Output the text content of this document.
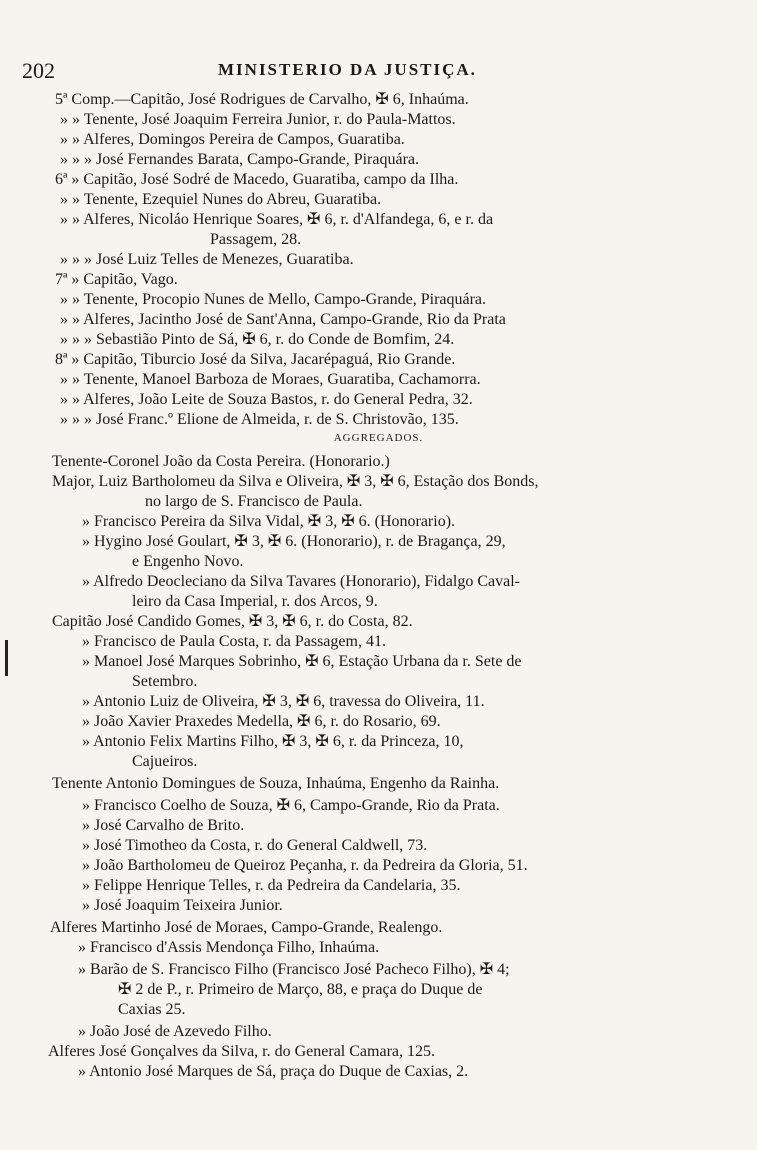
202	MINISTERIO DA JUSTIÇA.
AGGREGADOS.
5ª Comp.—Capitão, José Rodrigues de Carvalho, ✠ 6, Inhaúma.
» » Tenente, José Joaquim Ferreira Junior, r. do Paula-Mattos.
» » Alferes, Domingos Pereira de Campos, Guaratiba.
» » » José Fernandes Barata, Campo-Grande, Piraquára.
6ª » Capitão, José Sodré de Macedo, Guaratiba, campo da Ilha.
» » Tenente, Ezequiel Nunes do Abreu, Guaratiba.
» » Alferes, Nicoláo Henrique Soares, ✠ 6, r. d'Alfandega, 6, e r. da
Passagem, 28.
» » » José Luiz Telles de Menezes, Guaratiba.
7ª » Capitão, Vago.
» » Tenente, Procopio Nunes de Mello, Campo-Grande, Piraquára.
» » Alferes, Jacintho José de Sant'Anna, Campo-Grande, Rio da Prata
» » » Sebastião Pinto de Sá, ✠ 6, r. do Conde de Bomfim, 24.
8ª » Capitão, Tiburcio José da Silva, Jacarépaguá, Rio Grande.
» » Tenente, Manoel Barboza de Moraes, Guaratiba, Cachamorra.
» » Alferes, João Leite de Souza Bastos, r. do General Pedra, 32.
» » » José Franc.º Elione de Almeida, r. de S. Christovão, 135.
Tenente-Coronel João da Costa Pereira. (Honorario.)
Major, Luiz Bartholomeu da Silva e Oliveira, ✠ 3, ✠ 6, Estação dos Bonds,
no largo de S. Francisco de Paula.
» Francisco Pereira da Silva Vidal, ✠ 3, ✠ 6. (Honorario).
» Hygino José Goulart, ✠ 3, ✠ 6. (Honorario), r. de Bragança, 29,
e Engenho Novo.
» Alfredo Deocleciano da Silva Tavares (Honorario), Fidalgo Caval-
leiro da Casa Imperial, r. dos Arcos, 9.
Capitão José Candido Gomes, ✠ 3, ✠ 6, r. do Costa, 82.
» Francisco de Paula Costa, r. da Passagem, 41.
» Manoel José Marques Sobrinho, ✠ 6, Estação Urbana da r. Sete de
Setembro.
» Antonio Luiz de Oliveira, ✠ 3, ✠ 6, travessa do Oliveira, 11.
» João Xavier Praxedes Medella, ✠ 6, r. do Rosario, 69.
» Antonio Felix Martins Filho, ✠ 3, ✠ 6, r. da Princeza, 10,
Cajueiros.
Tenente Antonio Domingues de Souza, Inhaúma, Engenho da Rainha.
» Francisco Coelho de Souza, ✠ 6, Campo-Grande, Rio da Prata.
» José Carvalho de Brito.
» José Timotheo da Costa, r. do General Caldwell, 73.
» João Bartholomeu de Queiroz Peçanha, r. da Pedreira da Gloria, 51.
» Felippe Henrique Telles, r. da Pedreira da Candelaria, 35.
» José Joaquim Teixeira Junior.
Alferes Martinho José de Moraes, Campo-Grande, Realengo.
» Francisco d'Assis Mendonça Filho, Inhaúma.
» Barão de S. Francisco Filho (Francisco José Pacheco Filho), ✠ 4;
✠ 2 de P., r. Primeiro de Março, 88, e praça do Duque de
Caxias 25.
» João José de Azevedo Filho.
Alferes José Gonçalves da Silva, r. do General Camara, 125.
» Antonio José Marques de Sá, praça do Duque de Caxias, 2.
